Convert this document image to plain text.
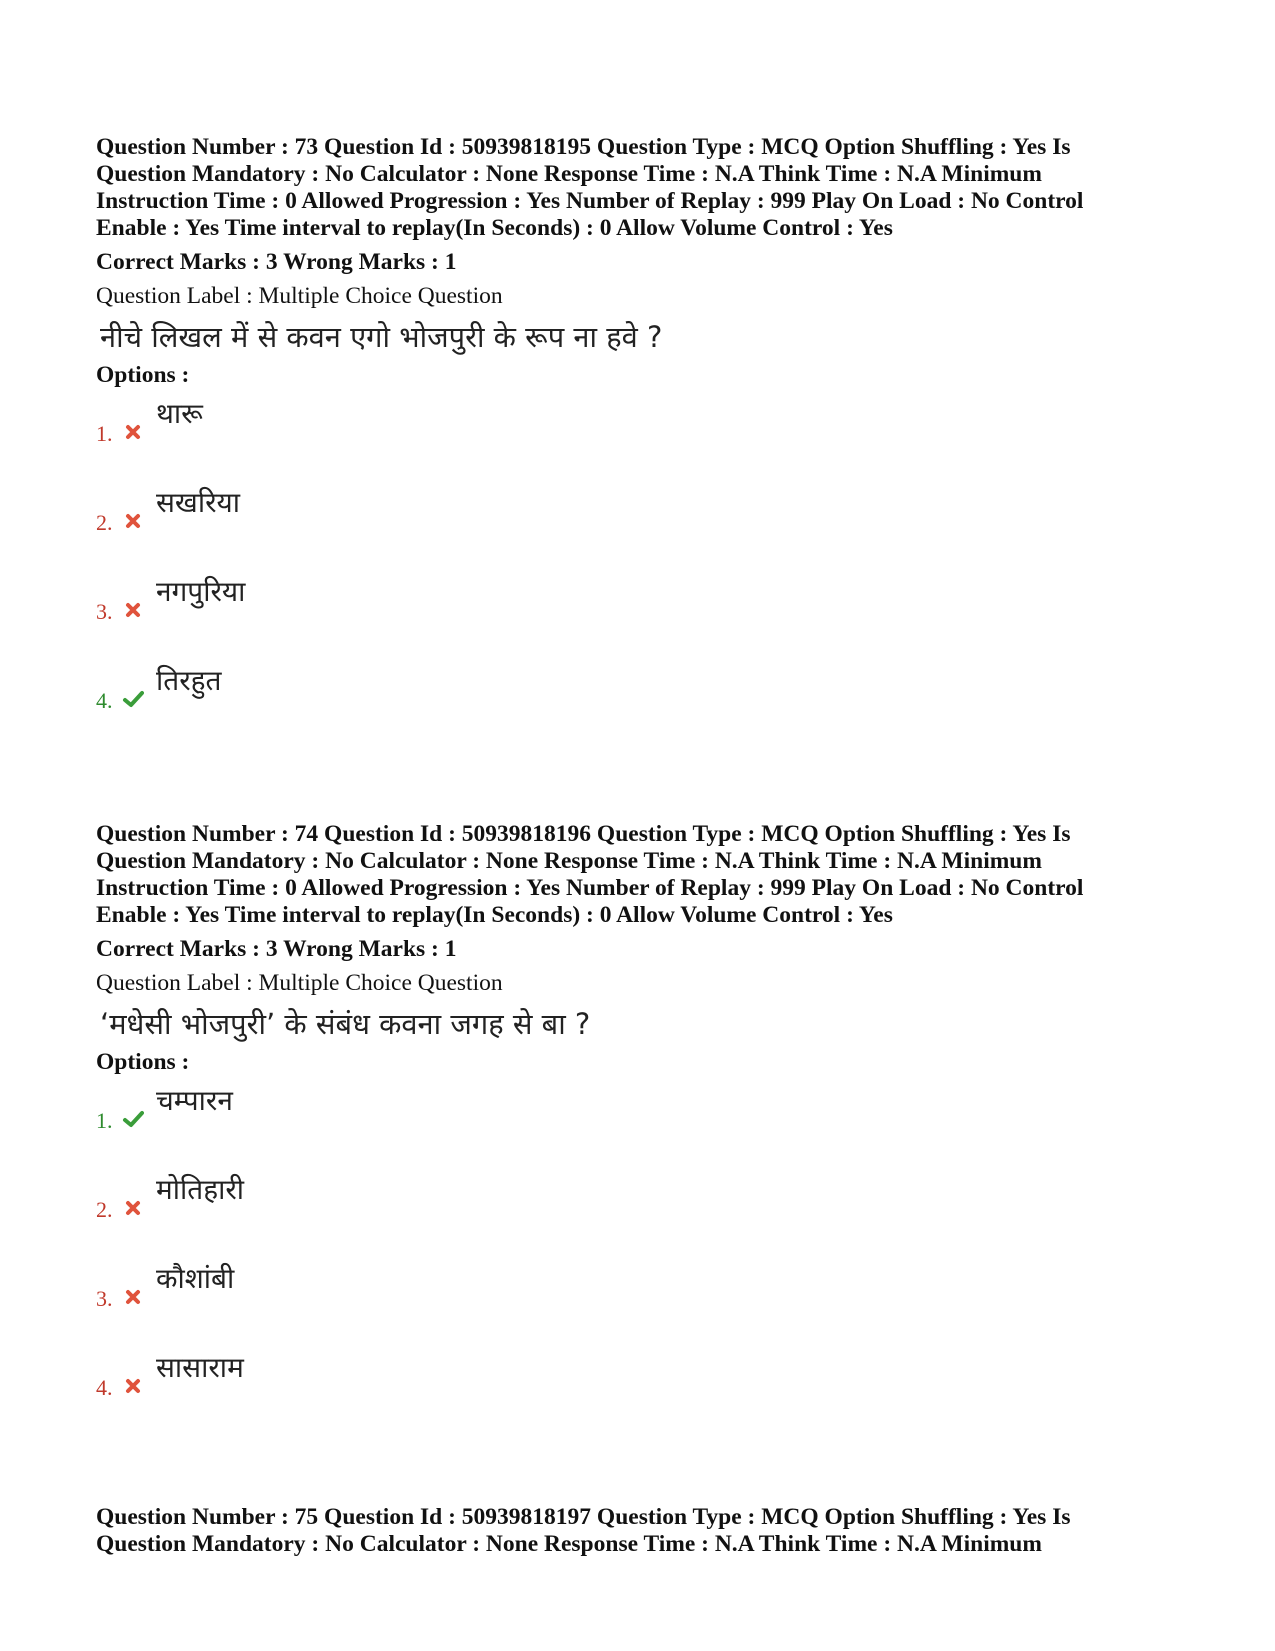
Question Number : 73 Question Id : 50939818195 Question Type : MCQ Option Shuffling : Yes Is
Question Mandatory : No Calculator : None Response Time : N.A Think Time : N.A Minimum
Instruction Time : 0 Allowed Progression : Yes Number of Replay : 999 Play On Load : No Control
Enable : Yes Time interval to replay(In Seconds) : 0 Allow Volume Control : Yes
Correct Marks : 3 Wrong Marks : 1
Question Label : Multiple Choice Question
नीचे लिखल में से कवन एगो भोजपुरी के रूप ना हवे ?
Options :
1.
थारू
2.
सखरिया
3.
नगपुरिया
4.
तिरहुत
Question Number : 74 Question Id : 50939818196 Question Type : MCQ Option Shuffling : Yes Is
Question Mandatory : No Calculator : None Response Time : N.A Think Time : N.A Minimum
Instruction Time : 0 Allowed Progression : Yes Number of Replay : 999 Play On Load : No Control
Enable : Yes Time interval to replay(In Seconds) : 0 Allow Volume Control : Yes
Correct Marks : 3 Wrong Marks : 1
Question Label : Multiple Choice Question
‘मधेसी भोजपुरी’ के संबंध कवना जगह से बा ?
Options :
1.
चम्पारन
2.
मोतिहारी
3.
कौशांबी
4.
सासाराम
Question Number : 75 Question Id : 50939818197 Question Type : MCQ Option Shuffling : Yes Is
Question Mandatory : No Calculator : None Response Time : N.A Think Time : N.A Minimum
